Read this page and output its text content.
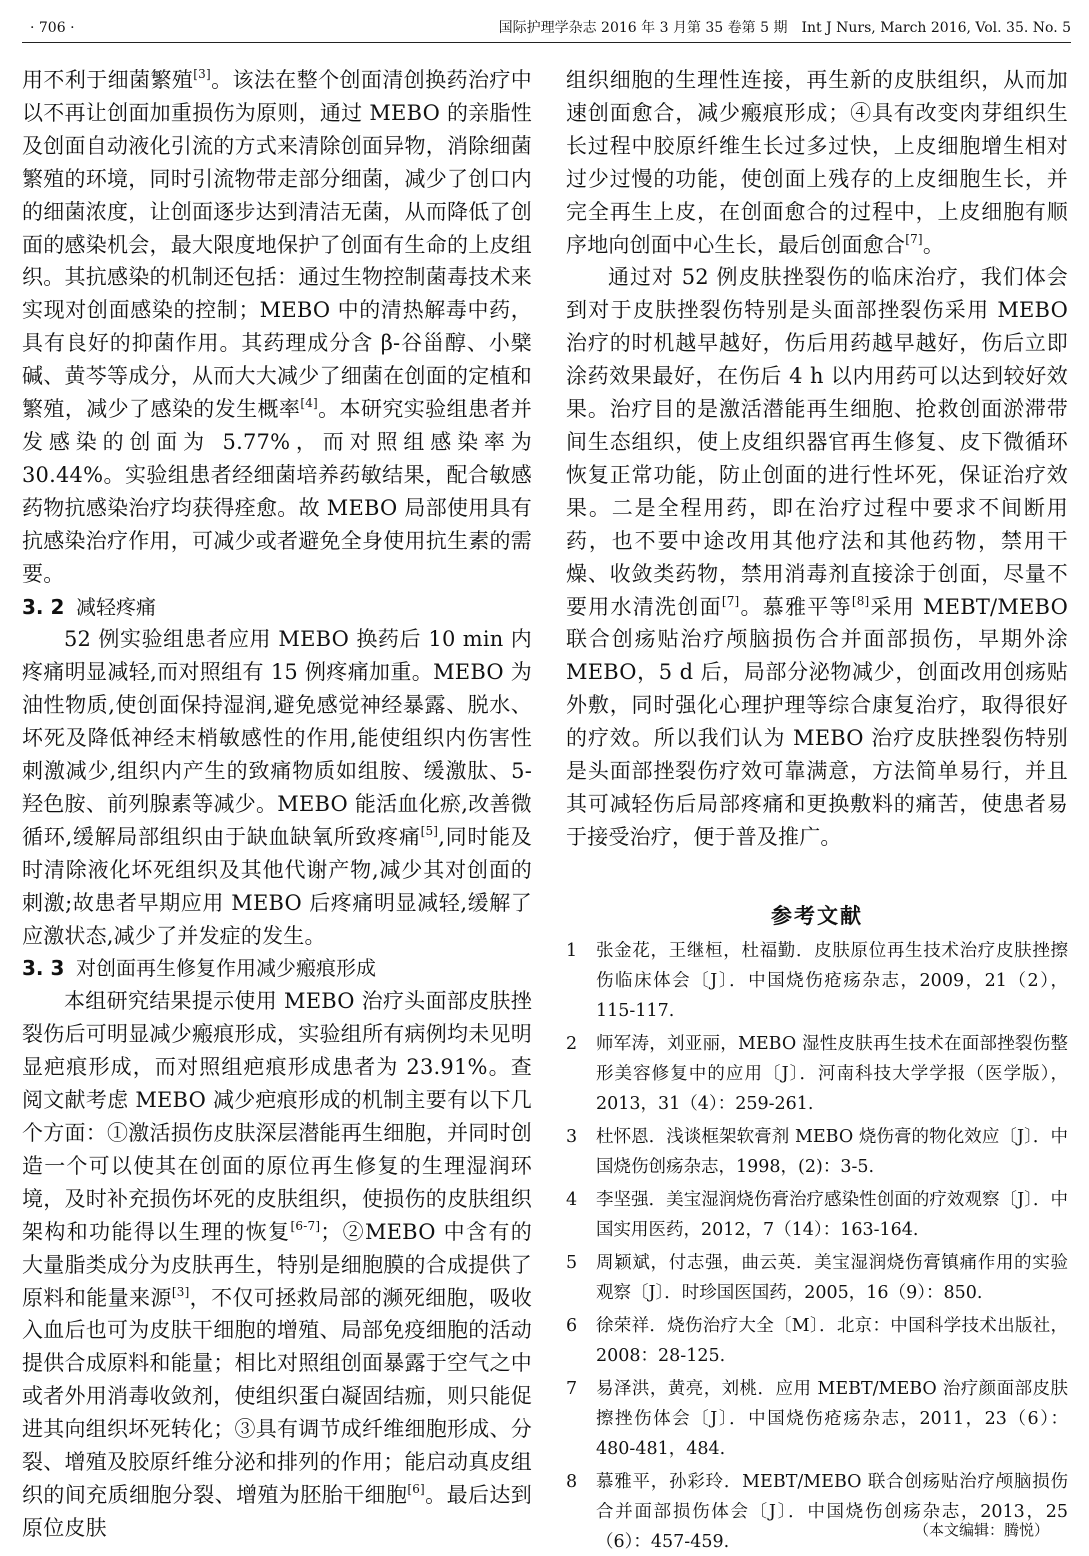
· 706 ·	国际护理学杂志 2016 年 3 月第 35 卷第 5 期　Int J Nurs, March 2016, Vol. 35. No. 5

用不利于细菌繁殖[3]。该法在整个创面清创换药治疗中以不再让创面加重损伤为原则，通过 MEBO 的亲脂性及创面自动液化引流的方式来清除创面异物，消除细菌繁殖的环境，同时引流物带走部分细菌，减少了创口内的细菌浓度，让创面逐步达到清洁无菌，从而降低了创面的感染机会，最大限度地保护了创面有生命的上皮组织。其抗感染的机制还包括：通过生物控制菌毒技术来实现对创面感染的控制；MEBO 中的清热解毒中药，具有良好的抑菌作用。其药理成分含 β-谷甾醇、小檗碱、黄芩等成分，从而大大减少了细菌在创面的定植和繁殖，减少了感染的发生概率[4]。本研究实验组患者并发感染的创面为 5.77%，而对照组感染率为 30.44%。实验组患者经细菌培养药敏结果，配合敏感药物抗感染治疗均获得痊愈。故 MEBO 局部使用具有抗感染治疗作用，可减少或者避免全身使用抗生素的需要。

3. 2 减轻疼痛

52 例实验组患者应用 MEBO 换药后 10 min 内疼痛明显减轻,而对照组有 15 例疼痛加重。MEBO 为油性物质,使创面保持湿润,避免感觉神经暴露、脱水、坏死及降低神经末梢敏感性的作用,能使组织内伤害性刺激减少,组织内产生的致痛物质如组胺、缓激肽、5-羟色胺、前列腺素等减少。MEBO 能活血化瘀,改善微循环,缓解局部组织由于缺血缺氧所致疼痛[5],同时能及时清除液化坏死组织及其他代谢产物,减少其对创面的刺激;故患者早期应用 MEBO 后疼痛明显减轻,缓解了应激状态,减少了并发症的发生。

3. 3 对创面再生修复作用减少瘢痕形成

本组研究结果提示使用 MEBO 治疗头面部皮肤挫裂伤后可明显减少瘢痕形成，实验组所有病例均未见明显疤痕形成，而对照组疤痕形成患者为 23.91%。查阅文献考虑 MEBO 减少疤痕形成的机制主要有以下几个方面：①激活损伤皮肤深层潜能再生细胞，并同时创造一个可以使其在创面的原位再生修复的生理湿润环境，及时补充损伤坏死的皮肤组织，使损伤的皮肤组织架构和功能得以生理的恢复[6-7]；②MEBO 中含有的大量脂类成分为皮肤再生，特别是细胞膜的合成提供了原料和能量来源[3]，不仅可拯救局部的濒死细胞，吸收入血后也可为皮肤干细胞的增殖、局部免疫细胞的活动提供合成原料和能量；相比对照组创面暴露于空气之中或者外用消毒收敛剂，使组织蛋白凝固结痂，则只能促进其向组织坏死转化；③具有调节成纤维细胞形成、分裂、增殖及胶原纤维分泌和排列的作用；能启动真皮组织的间充质细胞分裂、增殖为胚胎干细胞[6]。最后达到原位皮肤

组织细胞的生理性连接，再生新的皮肤组织，从而加速创面愈合，减少瘢痕形成；④具有改变肉芽组织生长过程中胶原纤维生长过多过快，上皮细胞增生相对过少过慢的功能，使创面上残存的上皮细胞生长，并完全再生上皮，在创面愈合的过程中，上皮细胞有顺序地向创面中心生长，最后创面愈合[7]。

通过对 52 例皮肤挫裂伤的临床治疗，我们体会到对于皮肤挫裂伤特别是头面部挫裂伤采用 MEBO 治疗的时机越早越好，伤后用药越早越好，伤后立即涂药效果最好，在伤后 4 h 以内用药可以达到较好效果。治疗目的是激活潜能再生细胞、抢救创面淤滞带间生态组织，使上皮组织器官再生修复、皮下微循环恢复正常功能，防止创面的进行性坏死，保证治疗效果。二是全程用药，即在治疗过程中要求不间断用药，也不要中途改用其他疗法和其他药物，禁用干燥、收敛类药物，禁用消毒剂直接涂于创面，尽量不要用水清洗创面[7]。慕雅平等[8]采用 MEBT/MEBO 联合创疡贴治疗颅脑损伤合并面部损伤，早期外涂 MEBO，5 d 后，局部分泌物减少，创面改用创疡贴外敷，同时强化心理护理等综合康复治疗，取得很好的疗效。所以我们认为 MEBO 治疗皮肤挫裂伤特别是头面部挫裂伤疗效可靠满意，方法简单易行，并且其可减轻伤后局部疼痛和更换敷料的痛苦，使患者易于接受治疗，便于普及推广。

参考文献
1 张金花，王继桓，杜福勤．皮肤原位再生技术治疗皮肤挫擦伤临床体会〔J〕．中国烧伤疮疡杂志，2009，21（2），115-117.
2 师军涛，刘亚丽，MEBO 湿性皮肤再生技术在面部挫裂伤整形美容修复中的应用〔J〕．河南科技大学学报（医学版），2013，31（4）：259-261.
3 杜怀恩．浅谈框架软膏剂 MEBO 烧伤膏的物化效应〔J〕．中国烧伤创疡杂志，1998，(2)：3-5.
4 李坚强．美宝湿润烧伤膏治疗感染性创面的疗效观察〔J〕．中国实用医药，2012，7（14）：163-164.
5 周颖斌，付志强，曲云英．美宝湿润烧伤膏镇痛作用的实验观察〔J〕．时珍国医国药，2005，16（9）：850.
6 徐荣祥．烧伤治疗大全〔M〕．北京：中国科学技术出版社，2008：28-125.
7 易泽洪，黄亮，刘桃．应用 MEBT/MEBO 治疗颜面部皮肤擦挫伤体会〔J〕．中国烧伤疮疡杂志，2011，23（6）：480-481，484.
8 慕雅平，孙彩玲．MEBT/MEBO 联合创疡贴治疗颅脑损伤合并面部损伤体会〔J〕．中国烧伤创疡杂志，2013，25（6）：457-459.
（本文编辑：腾悦）
